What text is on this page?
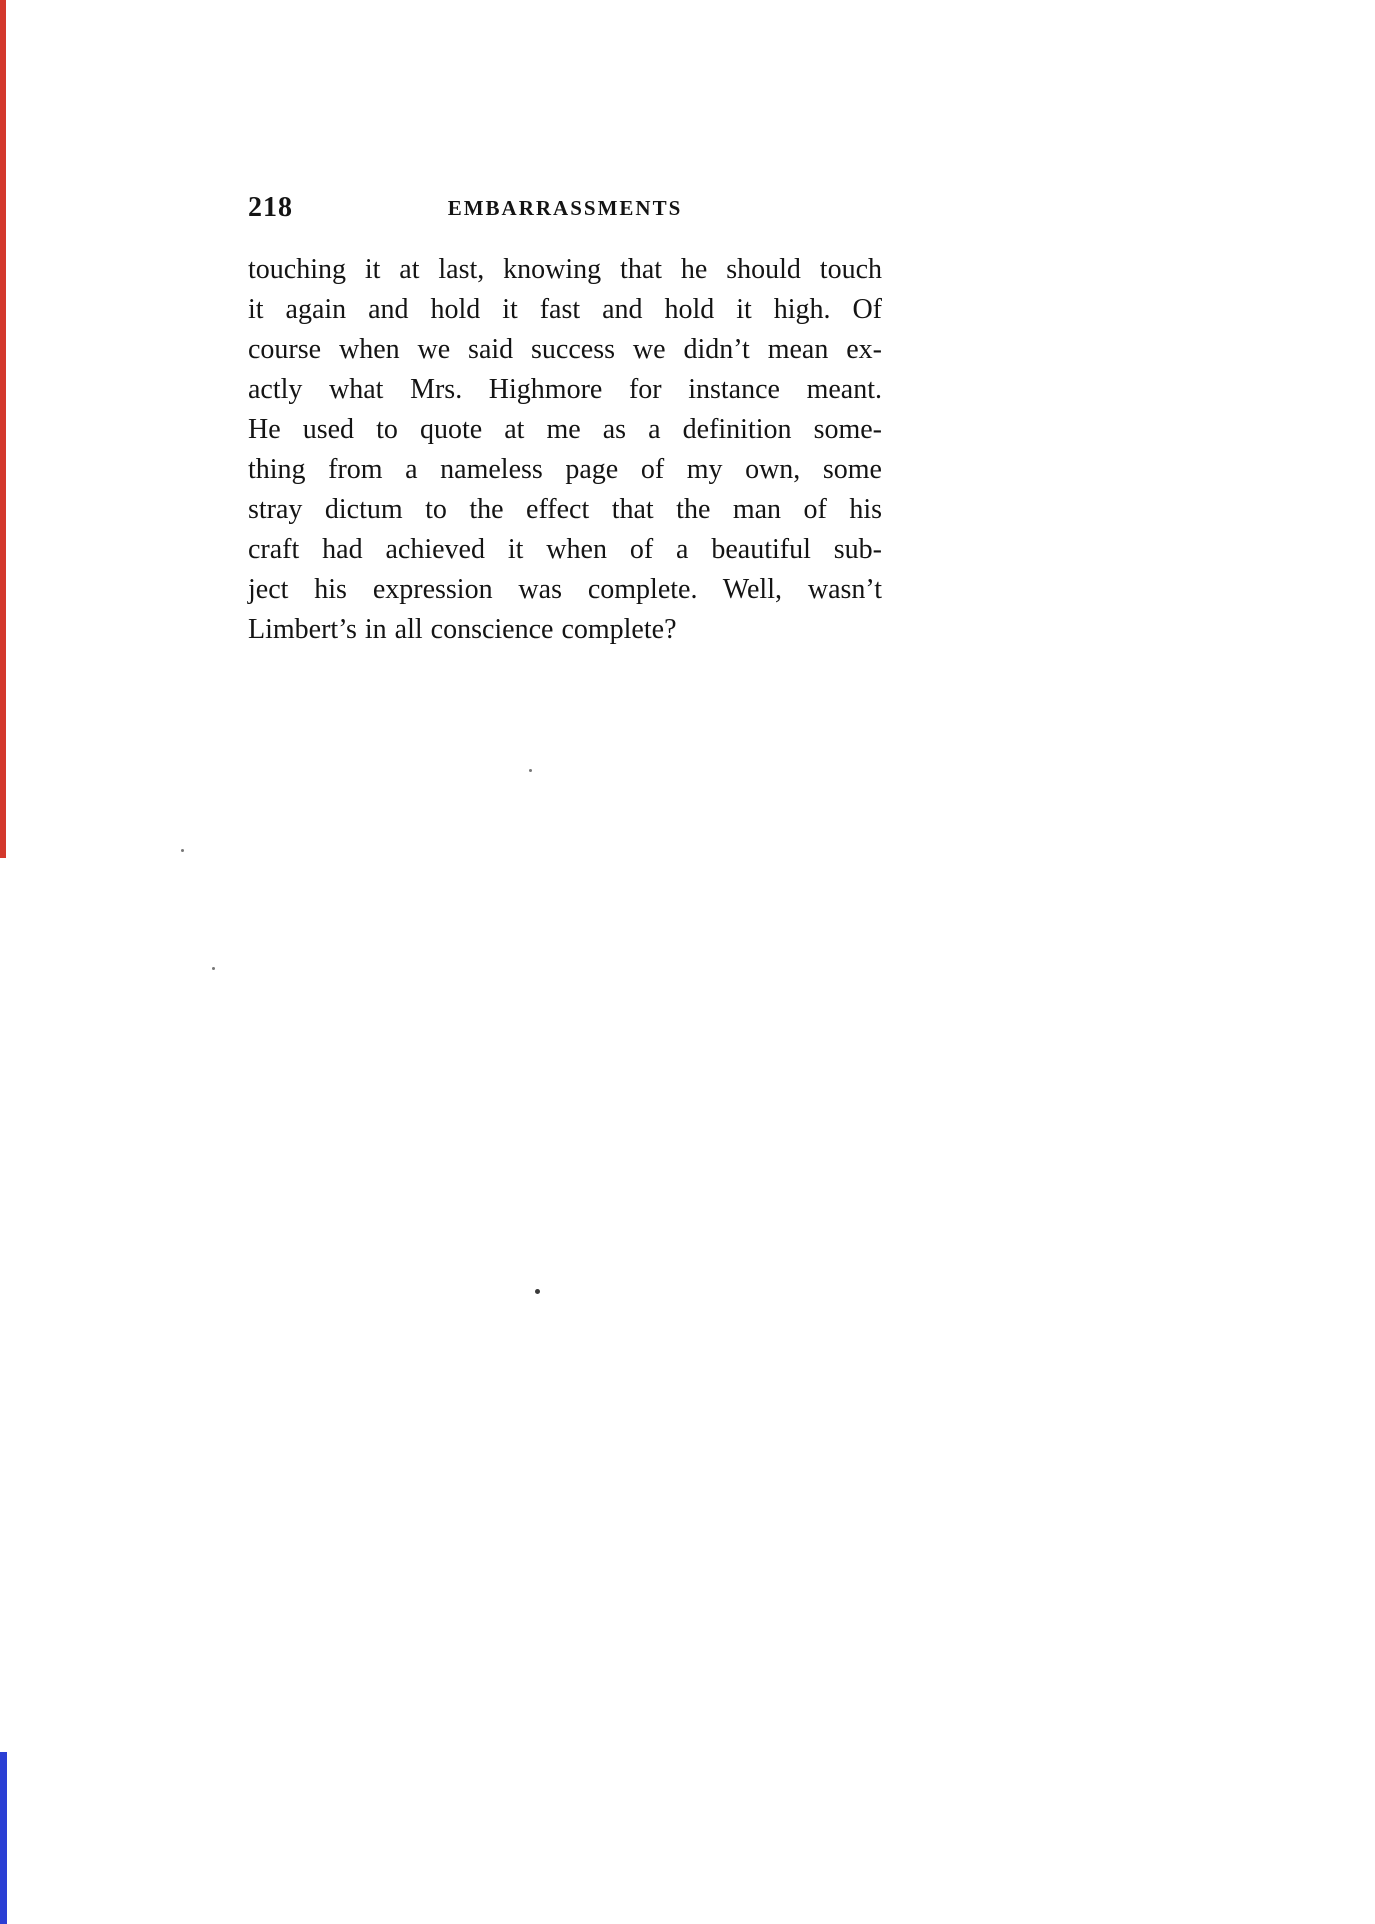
218	EMBARRASSMENTS
touching it at last, knowing that he should touch
it again and hold it fast and hold it high. Of
course when we said success we didn’t mean ex-
actly what Mrs. Highmore for instance meant.
He used to quote at me as a definition some-
thing from a nameless page of my own, some
stray dictum to the effect that the man of his
craft had achieved it when of a beautiful sub-
ject his expression was complete. Well, wasn’t
Limbert’s in all conscience complete?
